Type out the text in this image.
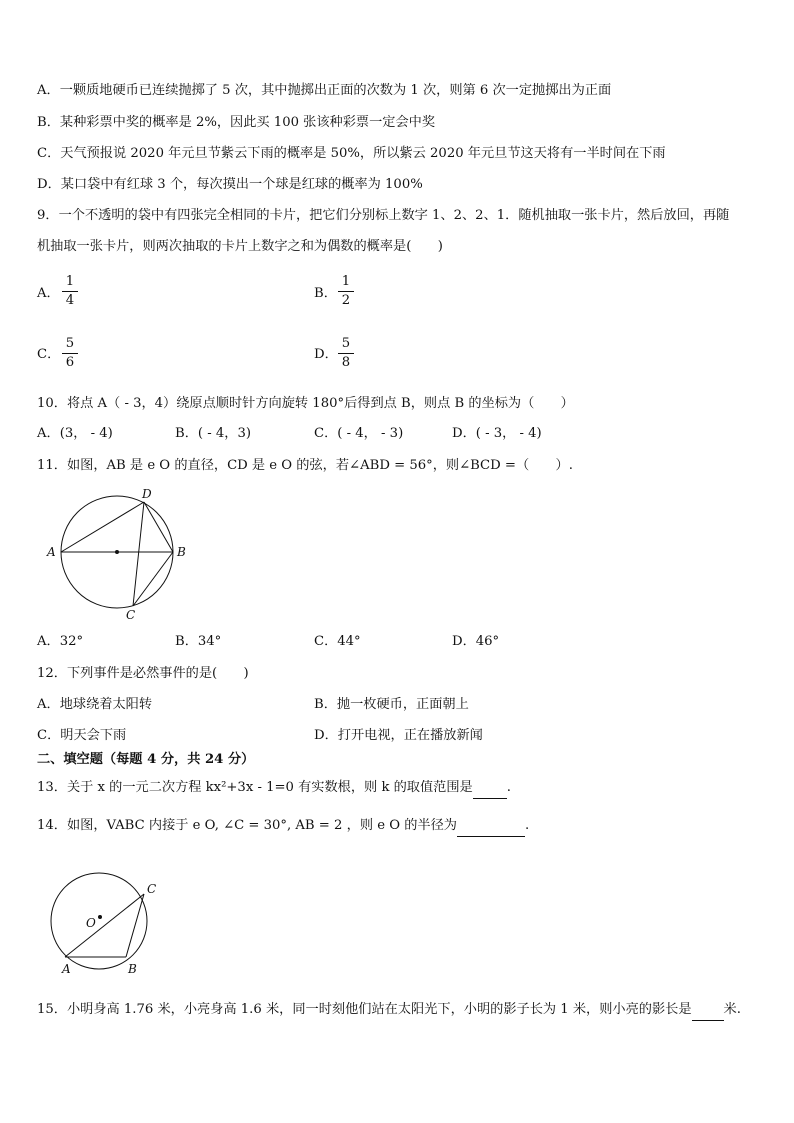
A．一颗质地硬币已连续抛掷了 5 次，其中抛掷出正面的次数为 1 次，则第 6 次一定抛掷出为正面
B．某种彩票中奖的概率是 2%，因此买 100 张该种彩票一定会中奖
C．天气预报说 2020 年元旦节紫云下雨的概率是 50%，所以紫云 2020 年元旦节这天将有一半时间在下雨
D．某口袋中有红球 3 个，每次摸出一个球是红球的概率为 100%
9．一个不透明的袋中有四张完全相同的卡片，把它们分别标上数字 1、2、2、1．随机抽取一张卡片，然后放回，再随
机抽取一张卡片，则两次抽取的卡片上数字之和为偶数的概率是(　　)
A． $\frac{1}{4}$	B． $\frac{1}{2}$
C． $\frac{5}{6}$	D． $\frac{5}{8}$
10．将点 A（ - 3，4）绕原点顺时针方向旋转 180°后得到点 B，则点 B 的坐标为（　　）
A．(3， - 4)	B．( - 4，3)	C．( - 4， - 3)	D．( - 3， - 4)
11．如图，AB 是 e O 的直径，CD 是 e O 的弦，若∠ABD = 56°，则∠BCD =（　　）.
A	B
C
D
A．32°	B．34°	C．44°	D．46°
12．下列事件是必然事件的是(　　)
A．地球绕着太阳转	B．抛一枚硬币，正面朝上
C．明天会下雨	D．打开电视，正在播放新闻
二、填空题（每题 4 分，共 24 分）
13．关于 x 的一元二次方程 kx²+3x - 1=0 有实数根，则 k 的取值范围是	.
14．如图，VABC 内接于 e O, ∠C = 30°, AB = 2 ，则 e O 的半径为	.
O
A	B
C
15．小明身高 1.76 米，小亮身高 1.6 米，同一时刻他们站在太阳光下，小明的影子长为 1 米，则小亮的影长是 米.
